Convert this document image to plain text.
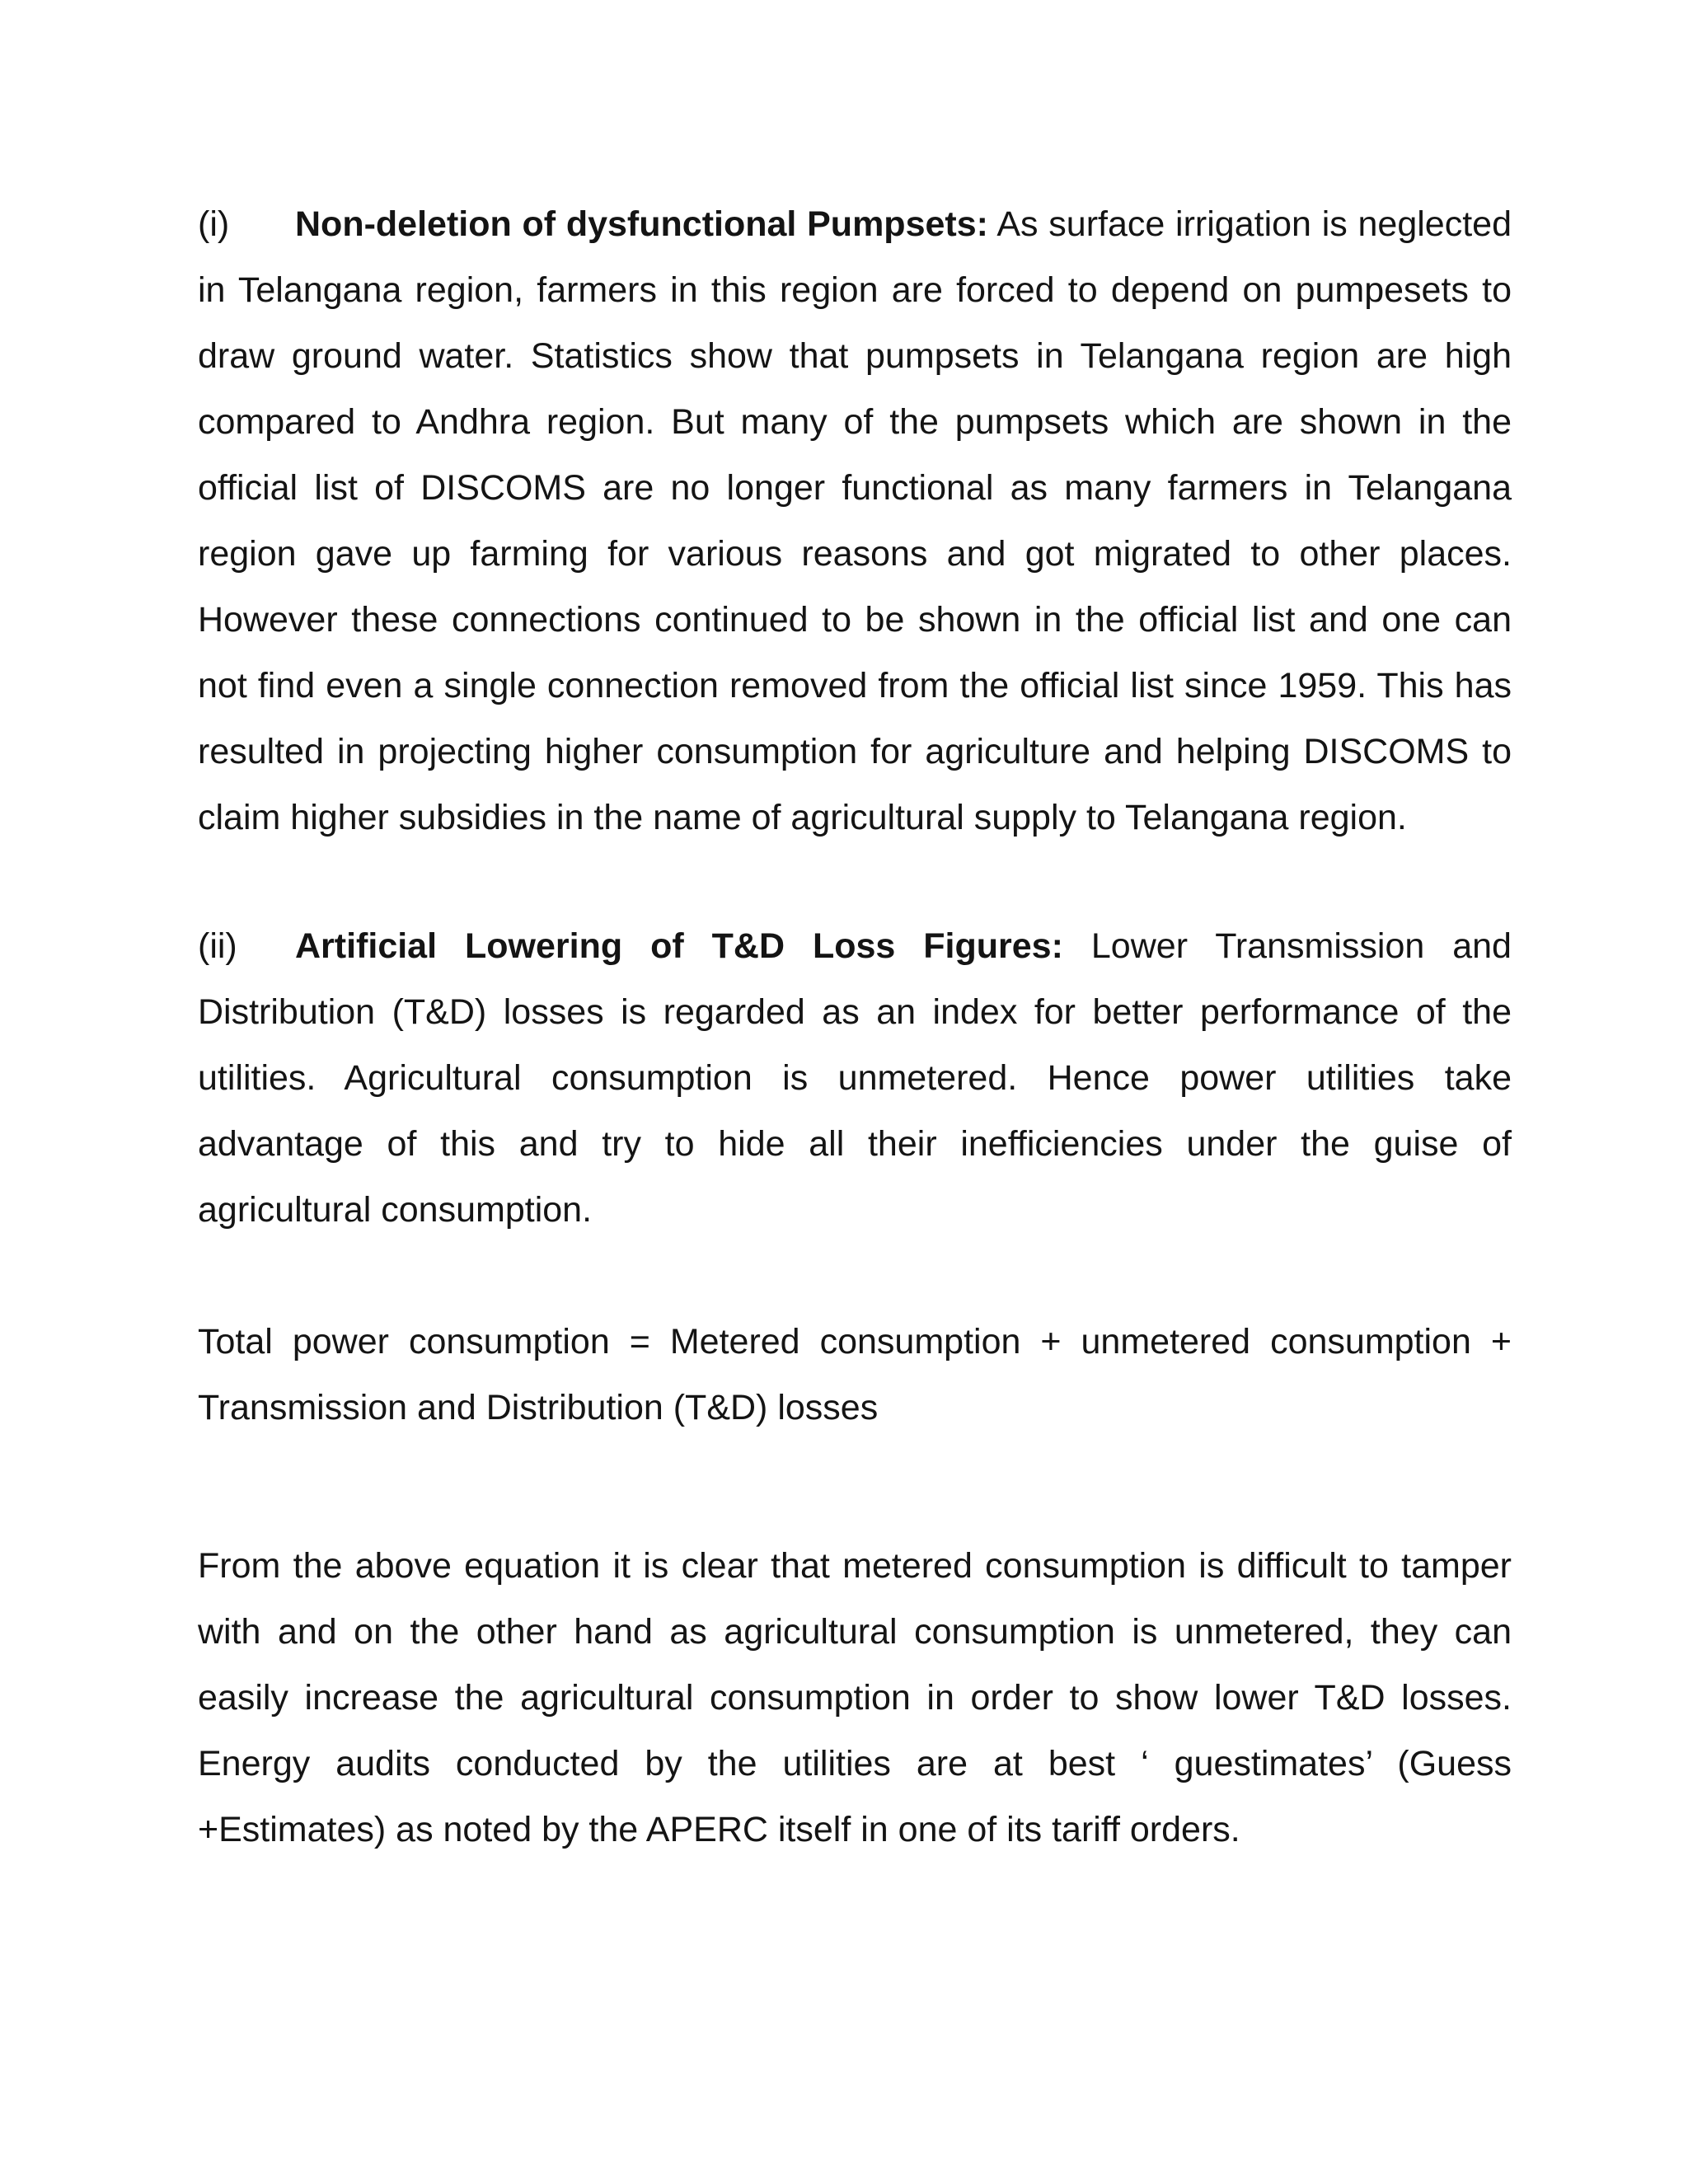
(i) Non-deletion of dysfunctional Pumpsets: As surface irrigation is neglected in Telangana region, farmers in this region are forced to depend on pumpesets to draw ground water. Statistics show that pumpsets in Telangana region are high compared to Andhra region. But many of the pumpsets which are shown in the official list of DISCOMS are no longer functional as many farmers in Telangana region gave up farming for various reasons and got migrated to other places. However these connections continued to be shown in the official list and one can not find even a single connection removed from the official list since 1959. This has resulted in projecting higher consumption for agriculture and helping DISCOMS to claim higher subsidies in the name of agricultural supply to Telangana region.

(ii) Artificial Lowering of T&D Loss Figures: Lower Transmission and Distribution (T&D) losses is regarded as an index for better performance of the utilities. Agricultural consumption is unmetered. Hence power utilities take advantage of this and try to hide all their inefficiencies under the guise of agricultural consumption.

Total power consumption = Metered consumption + unmetered consumption + Transmission and Distribution (T&D) losses

From the above equation it is clear that metered consumption is difficult to tamper with and on the other hand as agricultural consumption is unmetered, they can easily increase the agricultural consumption in order to show lower T&D losses. Energy audits conducted by the utilities are at best ‘ guestimates’ (Guess +Estimates) as noted by the APERC itself in one of its tariff orders.
